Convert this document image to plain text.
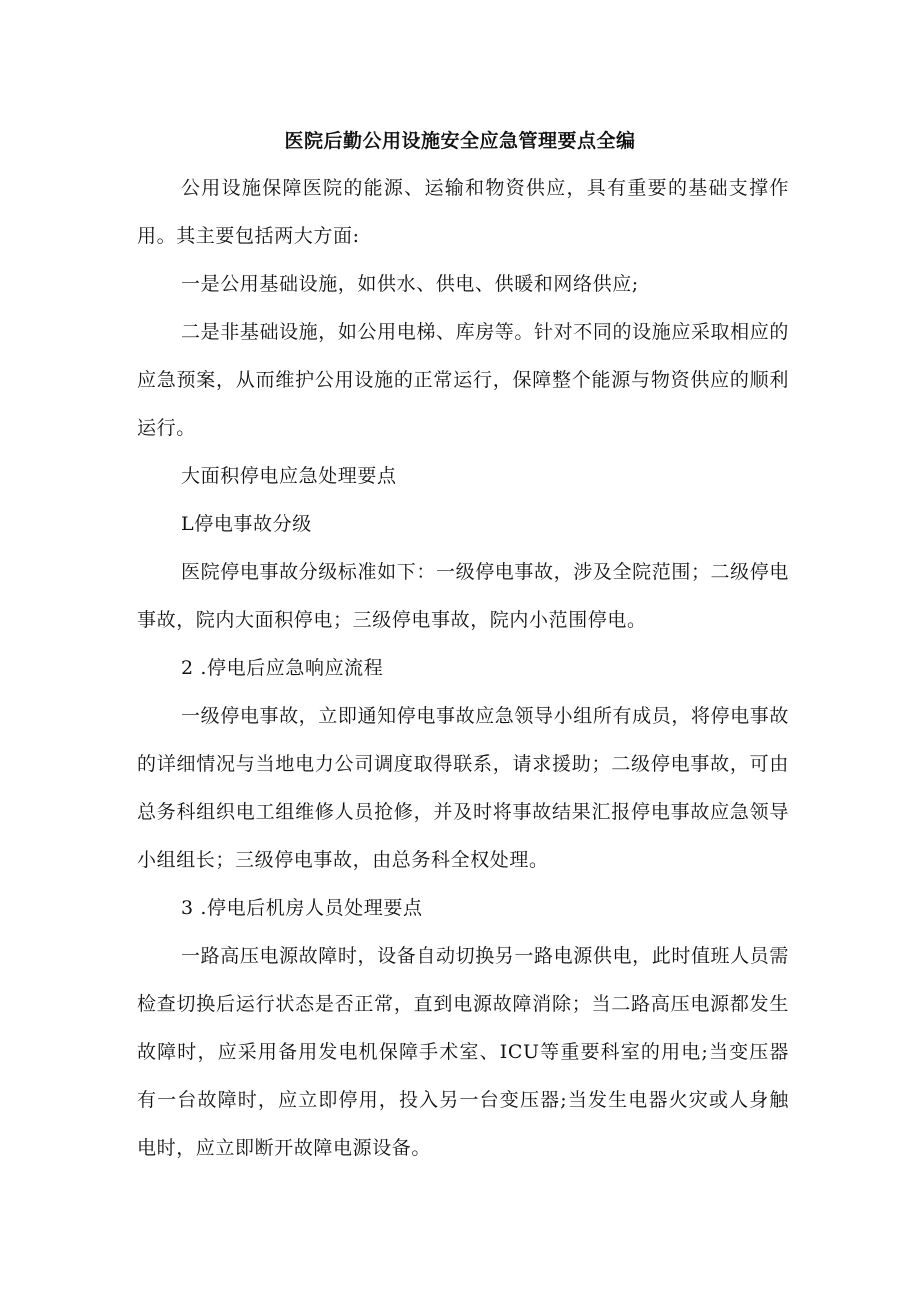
医院后勤公用设施安全应急管理要点全编

公用设施保障医院的能源、运输和物资供应，具有重要的基础支撑作用。其主要包括两大方面:

一是公用基础设施，如供水、供电、供暖和网络供应;

二是非基础设施，如公用电梯、库房等。针对不同的设施应采取相应的应急预案，从而维护公用设施的正常运行，保障整个能源与物资供应的顺利运行。

大面积停电应急处理要点

L停电事故分级

医院停电事故分级标准如下：一级停电事故，涉及全院范围；二级停电事故，院内大面积停电；三级停电事故，院内小范围停电。

2 .停电后应急响应流程

一级停电事故，立即通知停电事故应急领导小组所有成员，将停电事故的详细情况与当地电力公司调度取得联系，请求援助；二级停电事故，可由总务科组织电工组维修人员抢修，并及时将事故结果汇报停电事故应急领导小组组长；三级停电事故，由总务科全权处理。

3 .停电后机房人员处理要点

一路高压电源故障时，设备自动切换另一路电源供电，此时值班人员需检查切换后运行状态是否正常，直到电源故障消除；当二路高压电源都发生故障时，应采用备用发电机保障手术室、ICU等重要科室的用电;当变压器有一台故障时，应立即停用，投入另一台变压器;当发生电器火灾或人身触电时，应立即断开故障电源设备。
